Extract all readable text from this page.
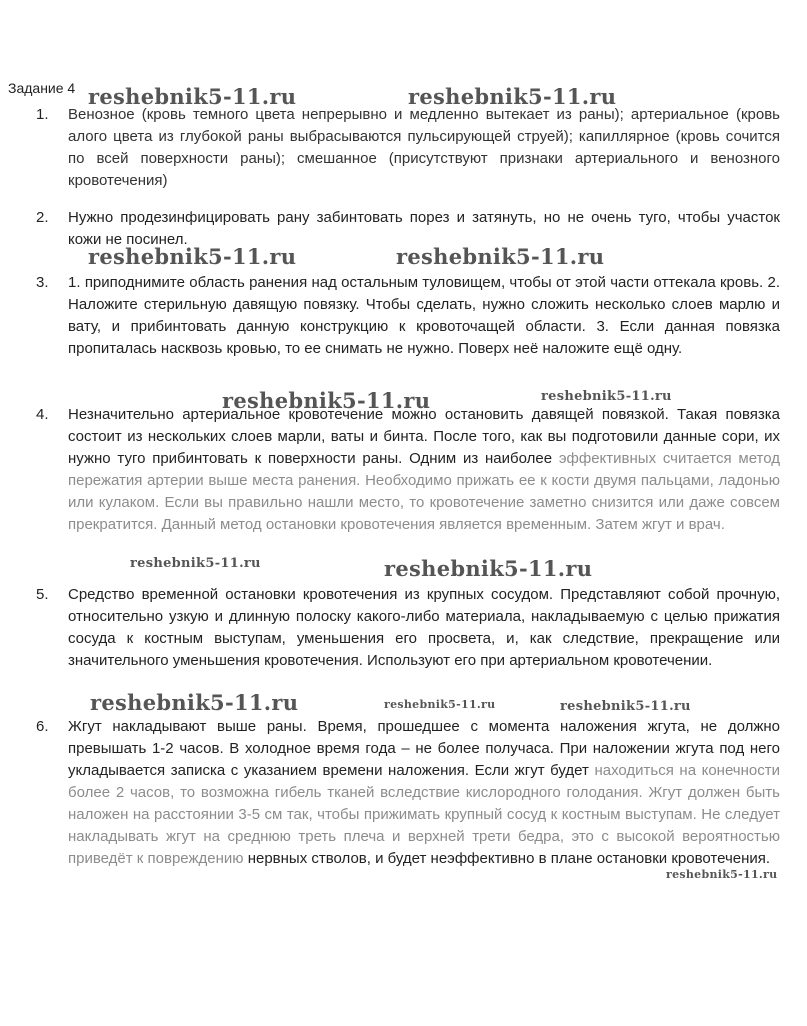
Задание 4
1. Венозное (кровь темного цвета непрерывно и медленно вытекает из раны); артериальное (кровь алого цвета из глубокой раны выбрасываются пульсирующей струей); капиллярное (кровь сочится по всей поверхности раны); смешанное (присутствуют признаки артериального и венозного кровотечения)
2. Нужно продезинфицировать рану забинтовать порез и затянуть, но не очень туго, чтобы участок кожи не посинел.
3. 1. приподнимите область ранения над остальным туловищем, чтобы от этой части оттекала кровь. 2. Наложите стерильную давящую повязку. Чтобы сделать, нужно сложить несколько слоев марлю и вату, и прибинтовать данную конструкцию к кровоточащей области. 3. Если данная повязка пропиталась насквозь кровью, то ее снимать не нужно. Поверх неё наложите ещё одну.
4. Незначительно артериальное кровотечение можно остановить давящей повязкой. Такая повязка состоит из нескольких слоев марли, ваты и бинта. После того, как вы подготовили данные сори, их нужно туго прибинтовать к поверхности раны. Одним из наиболее эффективных считается метод пережатия артерии выше места ранения. Необходимо прижать ее к кости двумя пальцами, ладонью или кулаком. Если вы правильно нашли место, то кровотечение заметно снизится или даже совсем прекратится. Данный метод остановки кровотечения является временным. Затем жгут и врач.
5. Средство временной остановки кровотечения из крупных сосудом. Представляют собой прочную, относительно узкую и длинную полоску какого-либо материала, накладываемую с целью прижатия сосуда к костным выступам, уменьшения его просвета, и, как следствие, прекращение или значительного уменьшения кровотечения. Используют его при артериальном кровотечении.
6. Жгут накладывают выше раны. Время, прошедшее с момента наложения жгута, не должно превышать 1-2 часов. В холодное время года – не более получаса. При наложении жгута под него укладывается записка с указанием времени наложения. Если жгут будет находиться на конечности более 2 часов, то возможна гибель тканей вследствие кислородного голодания. Жгут должен быть наложен на расстоянии 3-5 см так, чтобы прижимать крупный сосуд к костным выступам. Не следует накладывать жгут на среднюю треть плеча и верхней трети бедра, это с высокой вероятностью приведёт к повреждению нервных стволов, и будет неэффективно в плане остановки кровотечения.
reshebnik5-11.ru	reshebnik5-11.ru
reshebnik5-11.ru	reshebnik5-11.ru
reshebnik5-11.ru	reshebnik5-11.ru
reshebnik5-11.ru	reshebnik5-11.ru
reshebnik5-11.ru	reshebnik5-11.ru	reshebnik5-11.ru
reshebnik5-11.ru
